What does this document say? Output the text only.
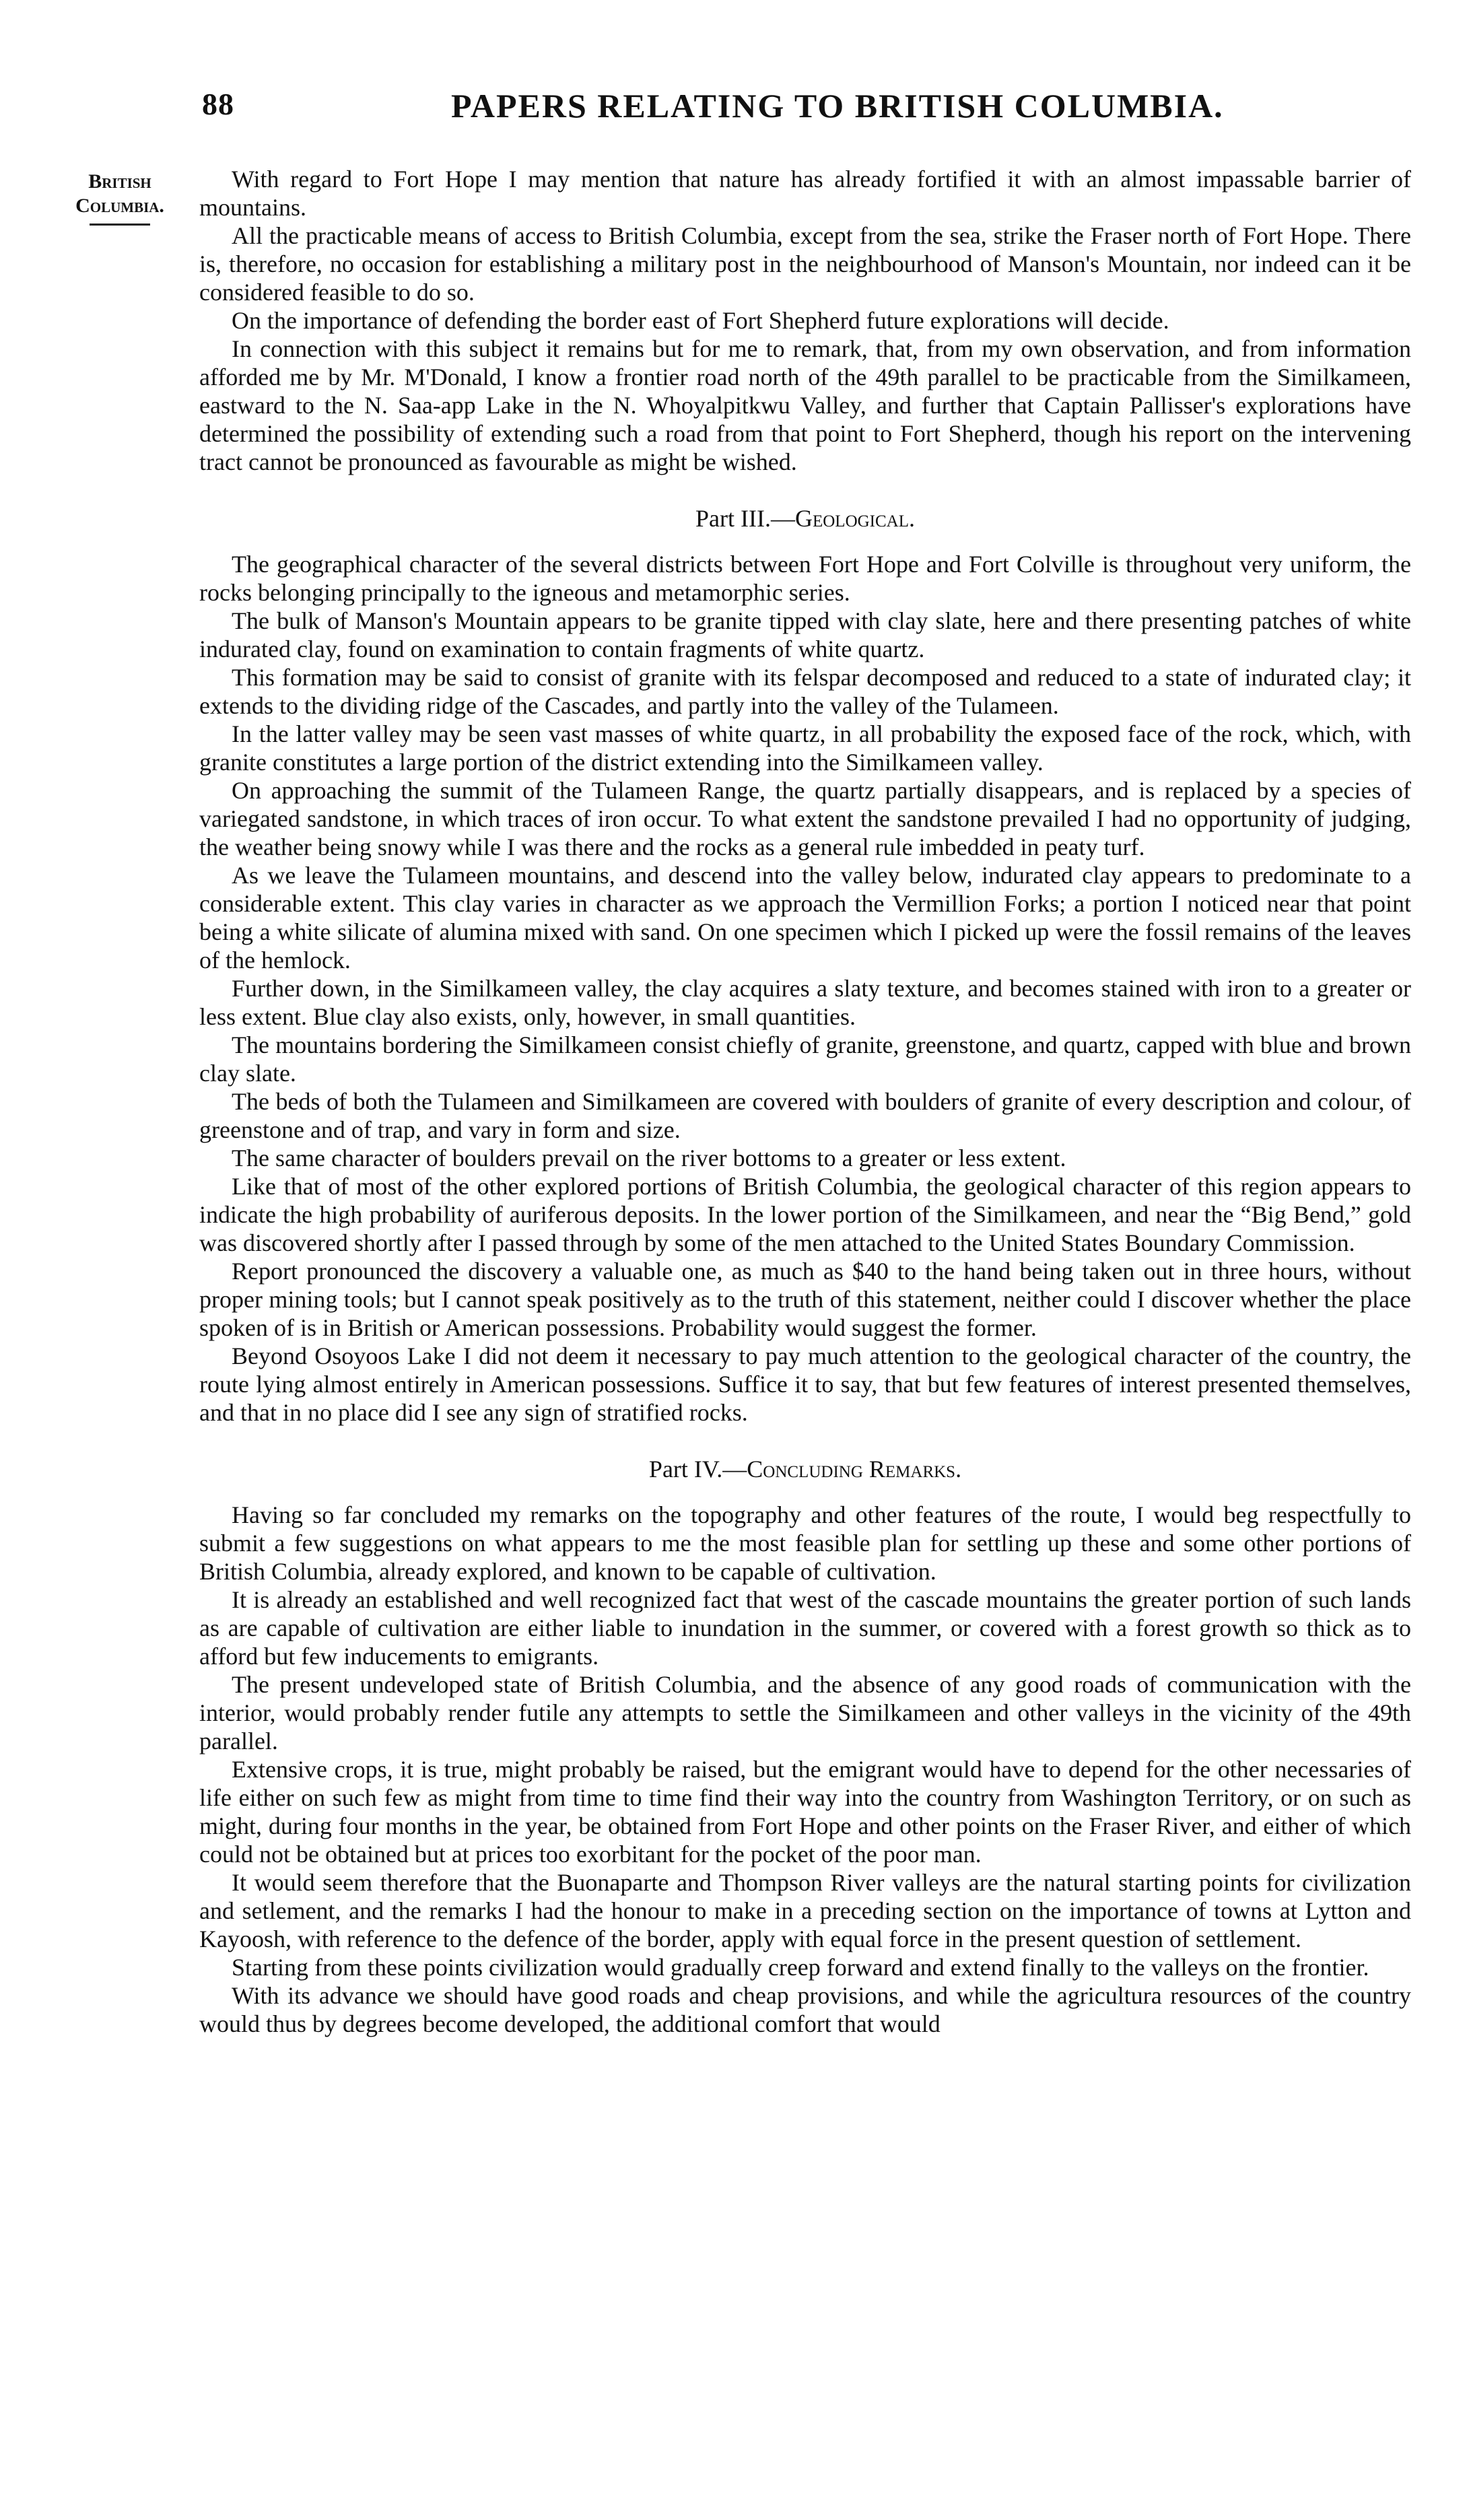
88	PAPERS RELATING TO BRITISH COLUMBIA.
British
Columbia.

With regard to Fort Hope I may mention that nature has already fortified it with an almost impassable barrier of mountains.

All the practicable means of access to British Columbia, except from the sea, strike the Fraser north of Fort Hope. There is, therefore, no occasion for establishing a military post in the neighbourhood of Manson's Mountain, nor indeed can it be considered feasible to do so.

On the importance of defending the border east of Fort Shepherd future explorations will decide.

In connection with this subject it remains but for me to remark, that, from my own observation, and from information afforded me by Mr. M'Donald, I know a frontier road north of the 49th parallel to be practicable from the Similkameen, eastward to the N. Saa-app Lake in the N. Whoyalpitkwu Valley, and further that Captain Pallisser's explorations have determined the possibility of extending such a road from that point to Fort Shepherd, though his report on the intervening tract cannot be pronounced as favourable as might be wished.

Part III.—Geological.

The geographical character of the several districts between Fort Hope and Fort Colville is throughout very uniform, the rocks belonging principally to the igneous and metamorphic series.

The bulk of Manson's Mountain appears to be granite tipped with clay slate, here and there presenting patches of white indurated clay, found on examination to contain fragments of white quartz.

This formation may be said to consist of granite with its felspar decomposed and reduced to a state of indurated clay; it extends to the dividing ridge of the Cascades, and partly into the valley of the Tulameen.

In the latter valley may be seen vast masses of white quartz, in all probability the exposed face of the rock, which, with granite constitutes a large portion of the district extending into the Similkameen valley.

On approaching the summit of the Tulameen Range, the quartz partially disappears, and is replaced by a species of variegated sandstone, in which traces of iron occur. To what extent the sandstone prevailed I had no opportunity of judging, the weather being snowy while I was there and the rocks as a general rule imbedded in peaty turf.

As we leave the Tulameen mountains, and descend into the valley below, indurated clay appears to predominate to a considerable extent. This clay varies in character as we approach the Vermillion Forks; a portion I noticed near that point being a white silicate of alumina mixed with sand. On one specimen which I picked up were the fossil remains of the leaves of the hemlock.

Further down, in the Similkameen valley, the clay acquires a slaty texture, and becomes stained with iron to a greater or less extent. Blue clay also exists, only, however, in small quantities.

The mountains bordering the Similkameen consist chiefly of granite, greenstone, and quartz, capped with blue and brown clay slate.

The beds of both the Tulameen and Similkameen are covered with boulders of granite of every description and colour, of greenstone and of trap, and vary in form and size.

The same character of boulders prevail on the river bottoms to a greater or less extent.

Like that of most of the other explored portions of British Columbia, the geological character of this region appears to indicate the high probability of auriferous deposits. In the lower portion of the Similkameen, and near the “Big Bend,” gold was discovered shortly after I passed through by some of the men attached to the United States Boundary Commission.

Report pronounced the discovery a valuable one, as much as $40 to the hand being taken out in three hours, without proper mining tools; but I cannot speak positively as to the truth of this statement, neither could I discover whether the place spoken of is in British or American possessions. Probability would suggest the former.

Beyond Osoyoos Lake I did not deem it necessary to pay much attention to the geological character of the country, the route lying almost entirely in American possessions. Suffice it to say, that but few features of interest presented themselves, and that in no place did I see any sign of stratified rocks.

Part IV.—Concluding Remarks.

Having so far concluded my remarks on the topography and other features of the route, I would beg respectfully to submit a few suggestions on what appears to me the most feasible plan for settling up these and some other portions of British Columbia, already explored, and known to be capable of cultivation.

It is already an established and well recognized fact that west of the cascade mountains the greater portion of such lands as are capable of cultivation are either liable to inundation in the summer, or covered with a forest growth so thick as to afford but few inducements to emigrants.

The present undeveloped state of British Columbia, and the absence of any good roads of communication with the interior, would probably render futile any attempts to settle the Similkameen and other valleys in the vicinity of the 49th parallel.

Extensive crops, it is true, might probably be raised, but the emigrant would have to depend for the other necessaries of life either on such few as might from time to time find their way into the country from Washington Territory, or on such as might, during four months in the year, be obtained from Fort Hope and other points on the Fraser River, and either of which could not be obtained but at prices too exorbitant for the pocket of the poor man.

It would seem therefore that the Buonaparte and Thompson River valleys are the natural starting points for civilization and setlement, and the remarks I had the honour to make in a preceding section on the importance of towns at Lytton and Kayoosh, with reference to the defence of the border, apply with equal force in the present question of settlement.

Starting from these points civilization would gradually creep forward and extend finally to the valleys on the frontier.

With its advance we should have good roads and cheap provisions, and while the agricultura resources of the country would thus by degrees become developed, the additional comfort that would
